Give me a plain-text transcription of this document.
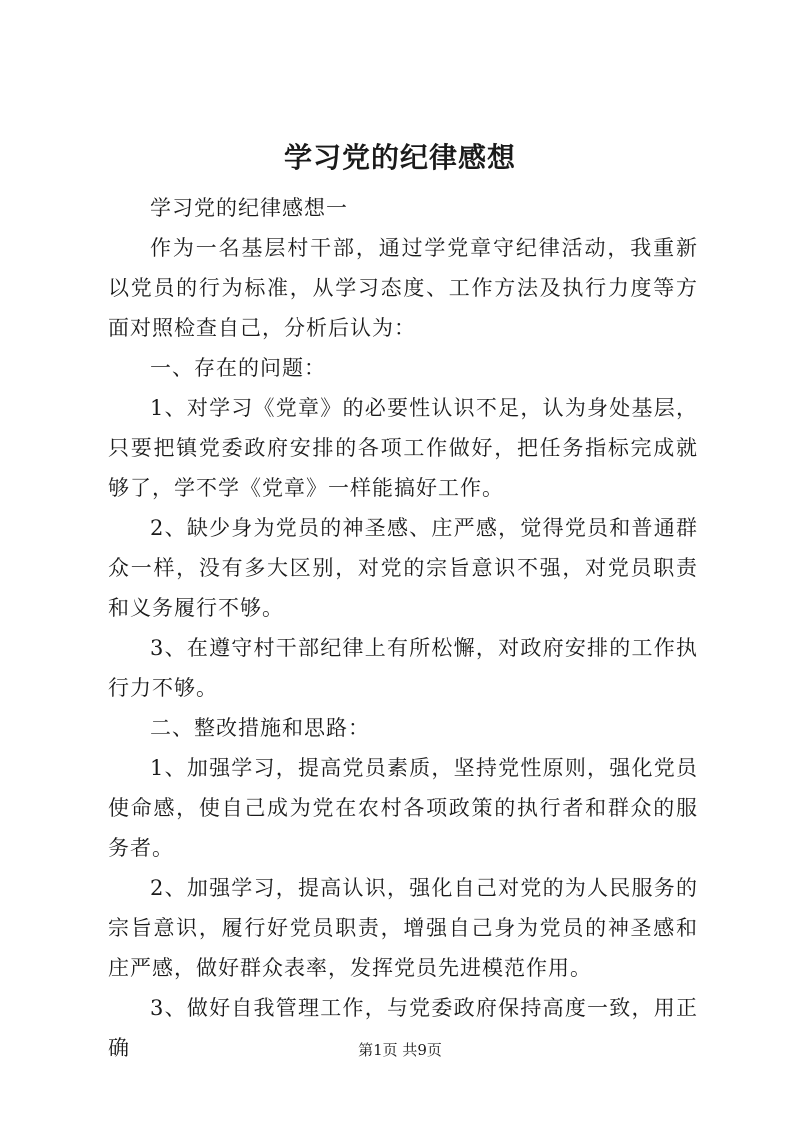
学习党的纪律感想

学习党的纪律感想一

作为一名基层村干部，通过学党章守纪律活动，我重新以党员的行为标准，从学习态度、工作方法及执行力度等方面对照检查自己，分析后认为：

一、存在的问题：

1、对学习《党章》的必要性认识不足，认为身处基层，只要把镇党委政府安排的各项工作做好，把任务指标完成就够了，学不学《党章》一样能搞好工作。

2、缺少身为党员的神圣感、庄严感，觉得党员和普通群众一样，没有多大区别，对党的宗旨意识不强，对党员职责和义务履行不够。

3、在遵守村干部纪律上有所松懈，对政府安排的工作执行力不够。

二、整改措施和思路：

1、加强学习，提高党员素质，坚持党性原则，强化党员使命感，使自己成为党在农村各项政策的执行者和群众的服务者。

2、加强学习，提高认识，强化自己对党的为人民服务的宗旨意识，履行好党员职责，增强自己身为党员的神圣感和庄严感，做好群众表率，发挥党员先进模范作用。

3、做好自我管理工作，与党委政府保持高度一致，用正确	第1页 共9页
